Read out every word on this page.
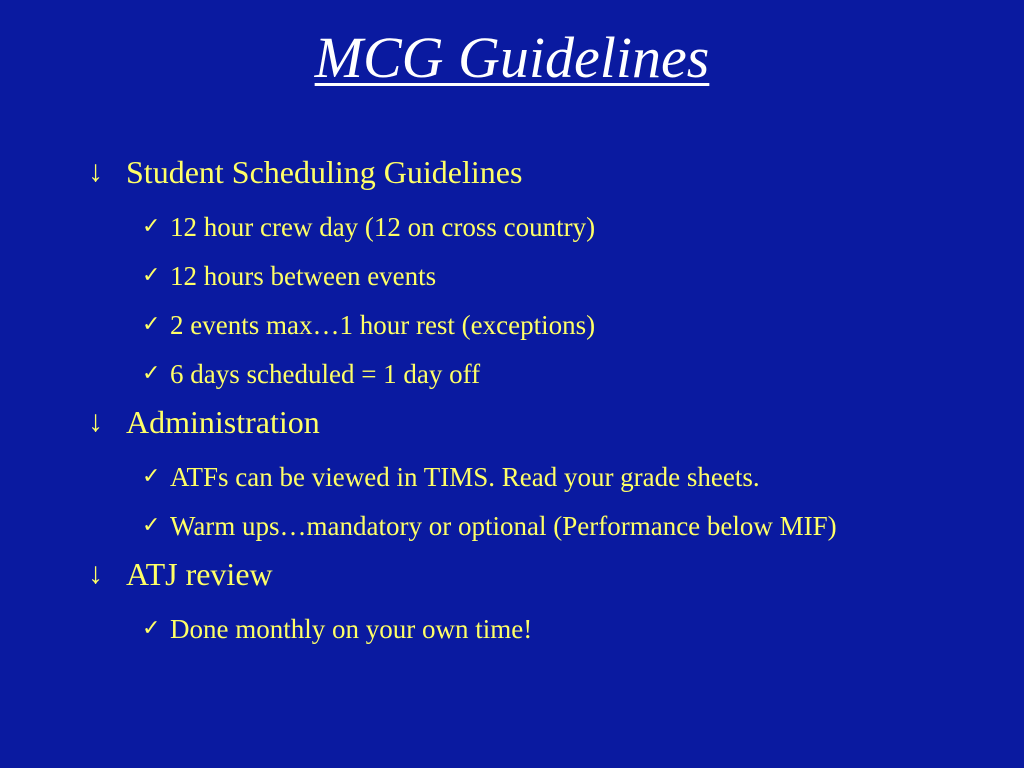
MCG Guidelines
↓ Student Scheduling Guidelines
✓ 12 hour crew day (12 on cross country)
✓ 12 hours between events
✓ 2 events max…1 hour rest (exceptions)
✓ 6 days scheduled = 1 day off
↓ Administration
✓ ATFs can be viewed in TIMS. Read your grade sheets.
✓ Warm ups…mandatory or optional (Performance below MIF)
↓ ATJ review
✓ Done monthly on your own time!
